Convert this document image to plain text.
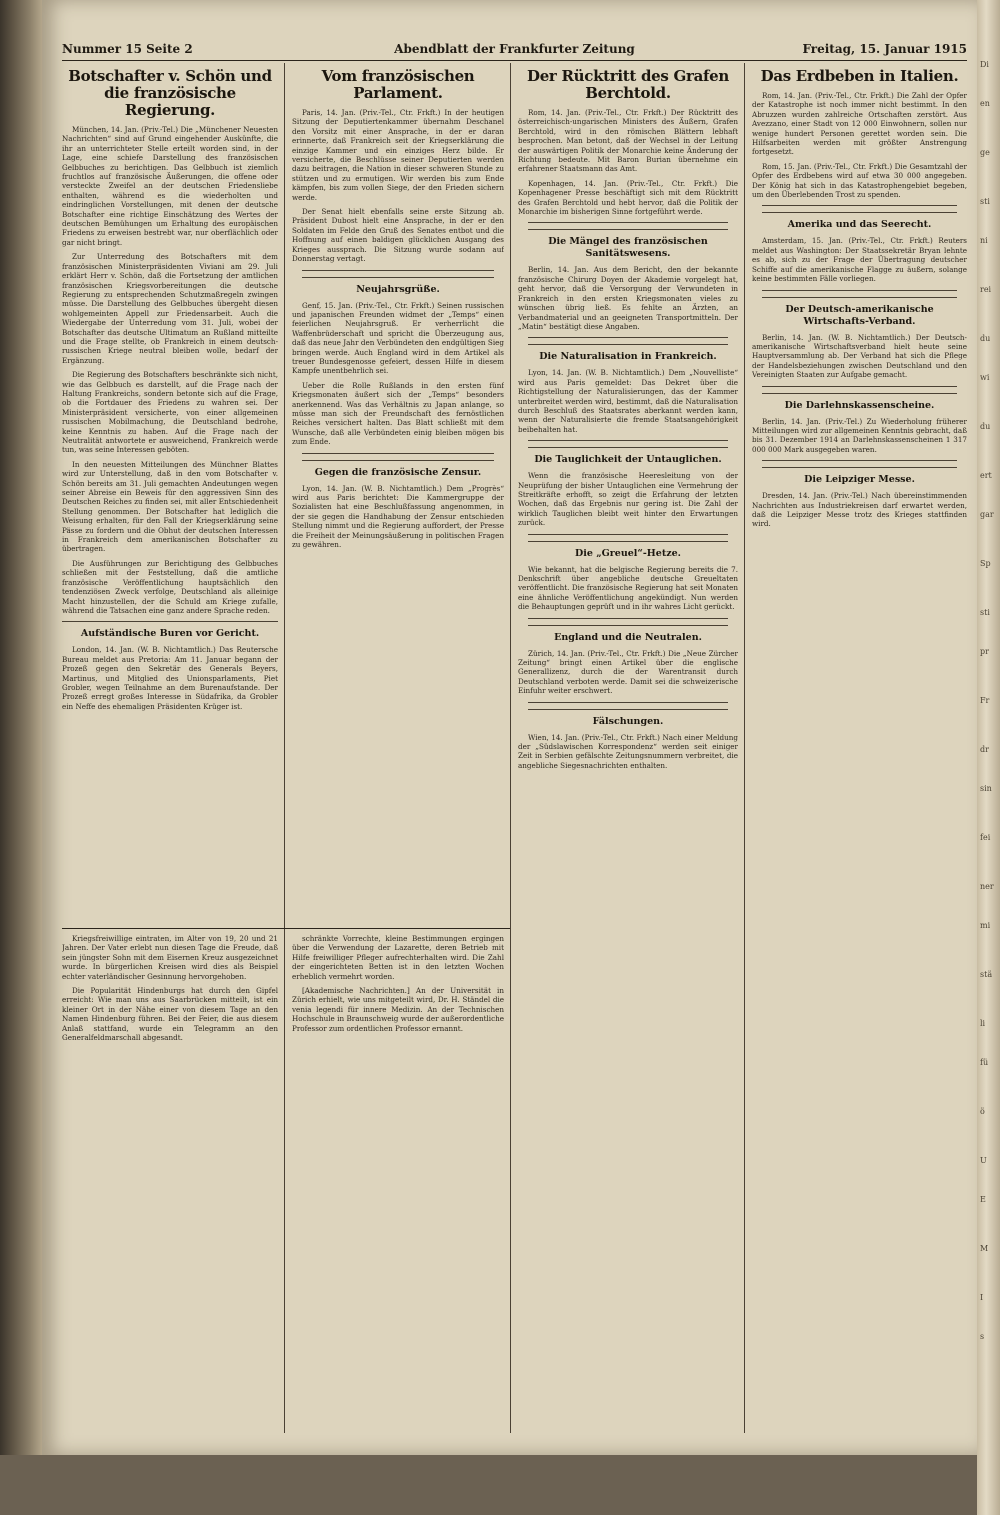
Nummer 15 Seite 2	Abendblatt der Frankfurter Zeitung	Freitag, 15. Januar 1915
Botschafter v. Schön und die französische Regierung.

München, 14. Jan. (Priv.-Tel.) Die „Münchener Neuesten Nachrichten“ sind auf Grund eingehender Auskünfte, die ihr an unterrichteter Stelle erteilt worden sind, in der Lage, eine schiefe Darstellung des französischen Gelbbuches zu berichtigen. Das Gelbbuch ist ziemlich fruchtlos auf französische Äußerungen, die offene oder versteckte Zweifel an der deutschen Friedensliebe enthalten, während es die wiederholten und eindringlichen Vorstellungen, mit denen der deutsche Botschafter eine richtige Einschätzung des Wertes der deutschen Bemühungen um Erhaltung des europäischen Friedens zu erweisen bestrebt war, nur oberflächlich oder gar nicht bringt.

Zur Unterredung des Botschafters mit dem französischen Ministerpräsidenten Viviani am 29. Juli erklärt Herr v. Schön, daß die Fortsetzung der amtlichen französischen Kriegsvorbereitungen die deutsche Regierung zu entsprechenden Schutzmaßregeln zwingen müsse. Die Darstellung des Gelbbuches übergeht diesen wohlgemeinten Appell zur Friedensarbeit. Auch die Wiedergabe der Unterredung vom 31. Juli, wobei der Botschafter das deutsche Ultimatum an Rußland mitteilte und die Frage stellte, ob Frankreich in einem deutsch-russischen Kriege neutral bleiben wolle, bedarf der Ergänzung.

Die Regierung des Botschafters beschränkte sich nicht, wie das Gelbbuch es darstellt, auf die Frage nach der Haltung Frankreichs, sondern betonte sich auf die Frage, ob die Fortdauer des Friedens zu wahren sei. Der Ministerpräsident versicherte, von einer allgemeinen russischen Mobilmachung, die Deutschland bedrohe, keine Kenntnis zu haben. Auf die Frage nach der Neutralität antwortete er ausweichend, Frankreich werde tun, was seine Interessen geböten.

In den neuesten Mitteilungen des Münchner Blattes wird zur Unterstellung, daß in den vom Botschafter v. Schön bereits am 31. Juli gemachten Andeutungen wegen seiner Abreise ein Beweis für den aggressiven Sinn des Deutschen Reiches zu finden sei, mit aller Entschiedenheit Stellung genommen. Der Botschafter hat lediglich die Weisung erhalten, für den Fall der Kriegserklärung seine Pässe zu fordern und die Obhut der deutschen Interessen in Frankreich dem amerikanischen Botschafter zu übertragen.

Die Ausführungen zur Berichtigung des Gelbbuches schließen mit der Feststellung, daß die amtliche französische Veröffentlichung hauptsächlich den tendenziösen Zweck verfolge, Deutschland als alleinige Macht hinzustellen, der die Schuld am Kriege zufalle, während die Tatsachen eine ganz andere Sprache reden.

Aufständische Buren vor Gericht.

London, 14. Jan. (W. B. Nichtamtlich.) Das Reutersche Bureau meldet aus Pretoria: Am 11. Januar begann der Prozeß gegen den Sekretär des Generals Beyers, Martinus, und Mitglied des Unionsparlaments, Piet Grobler, wegen Teilnahme an dem Burenaufstande. Der Prozeß erregt großes Interesse in Südafrika, da Grobler ein Neffe des ehemaligen Präsidenten Krüger ist.

Vom französischen Parlament.

Paris, 14. Jan. (Priv.-Tel., Ctr. Frkft.) In der heutigen Sitzung der Deputiertenkammer übernahm Deschanel den Vorsitz mit einer Ansprache, in der er daran erinnerte, daß Frankreich seit der Kriegserklärung die einzige Kammer und ein einziges Herz bilde. Er versicherte, die Beschlüsse seiner Deputierten werden dazu beitragen, die Nation in dieser schweren Stunde zu stützen und zu ermutigen. Wir werden bis zum Ende kämpfen, bis zum vollen Siege, der den Frieden sichern werde.

Der Senat hielt ebenfalls seine erste Sitzung ab. Präsident Dubost hielt eine Ansprache, in der er den Soldaten im Felde den Gruß des Senates entbot und die Hoffnung auf einen baldigen glücklichen Ausgang des Krieges aussprach. Die Sitzung wurde sodann auf Donnerstag vertagt.

Neujahrsgrüße.

Genf, 15. Jan. (Priv.-Tel., Ctr. Frkft.) Seinen russischen und japanischen Freunden widmet der „Temps“ einen feierlichen Neujahrsgruß. Er verherrlicht die Waffenbrüderschaft und spricht die Überzeugung aus, daß das neue Jahr den Verbündeten den endgültigen Sieg bringen werde. Auch England wird in dem Artikel als treuer Bundesgenosse gefeiert, dessen Hilfe in diesem Kampfe unentbehrlich sei.

Ueber die Rolle Rußlands in den ersten fünf Kriegsmonaten äußert sich der „Temps“ besonders anerkennend. Was das Verhältnis zu Japan anlange, so müsse man sich der Freundschaft des fernöstlichen Reiches versichert halten. Das Blatt schließt mit dem Wunsche, daß alle Verbündeten einig bleiben mögen bis zum Ende.

Gegen die französische Zensur.

Lyon, 14. Jan. (W. B. Nichtamtlich.) Dem „Progrès“ wird aus Paris berichtet: Die Kammergruppe der Sozialisten hat eine Beschlußfassung angenommen, in der sie gegen die Handhabung der Zensur entschieden Stellung nimmt und die Regierung auffordert, der Presse die Freiheit der Meinungsäußerung in politischen Fragen zu gewähren.

Der Rücktritt des Grafen Berchtold.

Rom, 14. Jan. (Priv.-Tel., Ctr. Frkft.) Der Rücktritt des österreichisch-ungarischen Ministers des Äußern, Grafen Berchtold, wird in den römischen Blättern lebhaft besprochen. Man betont, daß der Wechsel in der Leitung der auswärtigen Politik der Monarchie keine Änderung der Richtung bedeute. Mit Baron Burian übernehme ein erfahrener Staatsmann das Amt.

Kopenhagen, 14. Jan. (Priv.-Tel., Ctr. Frkft.) Die Kopenhagener Presse beschäftigt sich mit dem Rücktritt des Grafen Berchtold und hebt hervor, daß die Politik der Monarchie im bisherigen Sinne fortgeführt werde.

Die Mängel des französischen Sanitätswesens.

Berlin, 14. Jan. Aus dem Bericht, den der bekannte französische Chirurg Doyen der Akademie vorgelegt hat, geht hervor, daß die Versorgung der Verwundeten in Frankreich in den ersten Kriegsmonaten vieles zu wünschen übrig ließ. Es fehlte an Ärzten, an Verbandmaterial und an geeigneten Transportmitteln. Der „Matin“ bestätigt diese Angaben.

Die Naturalisation in Frankreich.

Lyon, 14. Jan. (W. B. Nichtamtlich.) Dem „Nouvelliste“ wird aus Paris gemeldet: Das Dekret über die Richtigstellung der Naturalisierungen, das der Kammer unterbreitet werden wird, bestimmt, daß die Naturalisation durch Beschluß des Staatsrates aberkannt werden kann, wenn der Naturalisierte die fremde Staatsangehörigkeit beibehalten hat.

Die Tauglichkeit der Untauglichen.

Wenn die französische Heeresleitung von der Neuprüfung der bisher Untauglichen eine Vermehrung der Streitkräfte erhofft, so zeigt die Erfahrung der letzten Wochen, daß das Ergebnis nur gering ist. Die Zahl der wirklich Tauglichen bleibt weit hinter den Erwartungen zurück.

Die „Greuel“-Hetze.

Wie bekannt, hat die belgische Regierung bereits die 7. Denkschrift über angebliche deutsche Greueltaten veröffentlicht. Die französische Regierung hat seit Monaten eine ähnliche Veröffentlichung angekündigt. Nun werden die Behauptungen geprüft und in ihr wahres Licht gerückt.

England und die Neutralen.

Zürich, 14. Jan. (Priv.-Tel., Ctr. Frkft.) Die „Neue Zürcher Zeitung“ bringt einen Artikel über die englische Generallizenz, durch die der Warentransit durch Deutschland verboten werde. Damit sei die schweizerische Einfuhr weiter erschwert.

Fälschungen.

Wien, 14. Jan. (Priv.-Tel., Ctr. Frkft.) Nach einer Meldung der „Südslawischen Korrespondenz“ werden seit einiger Zeit in Serbien gefälschte Zeitungsnummern verbreitet, die angebliche Siegesnachrichten enthalten.

Das Erdbeben in Italien.

Rom, 14. Jan. (Priv.-Tel., Ctr. Frkft.) Die Zahl der Opfer der Katastrophe ist noch immer nicht bestimmt. In den Abruzzen wurden zahlreiche Ortschaften zerstört. Aus Avezzano, einer Stadt von 12 000 Einwohnern, sollen nur wenige hundert Personen gerettet worden sein. Die Hilfsarbeiten werden mit größter Anstrengung fortgesetzt.

Rom, 15. Jan. (Priv.-Tel., Ctr. Frkft.) Die Gesamtzahl der Opfer des Erdbebens wird auf etwa 30 000 angegeben. Der König hat sich in das Katastrophengebiet begeben, um den Überlebenden Trost zu spenden.

Amerika und das Seerecht.

Amsterdam, 15. Jan. (Priv.-Tel., Ctr. Frkft.) Reuters meldet aus Washington: Der Staatssekretär Bryan lehnte es ab, sich zu der Frage der Übertragung deutscher Schiffe auf die amerikanische Flagge zu äußern, solange keine bestimmten Fälle vorliegen.

Der Deutsch-amerikanische Wirtschafts-Verband.

Berlin, 14. Jan. (W. B. Nichtamtlich.) Der Deutsch-amerikanische Wirtschaftsverband hielt heute seine Hauptversammlung ab. Der Verband hat sich die Pflege der Handelsbeziehungen zwischen Deutschland und den Vereinigten Staaten zur Aufgabe gemacht.

Die Darlehnskassenscheine.

Berlin, 14. Jan. (Priv.-Tel.) Zu Wiederholung früherer Mitteilungen wird zur allgemeinen Kenntnis gebracht, daß bis 31. Dezember 1914 an Darlehnskassenscheinen 1 317 000 000 Mark ausgegeben waren.

Die Leipziger Messe.

Dresden, 14. Jan. (Priv.-Tel.) Nach übereinstimmenden Nachrichten aus Industriekreisen darf erwartet werden, daß die Leipziger Messe trotz des Krieges stattfinden wird.

Kriegsfreiwillige eintraten, im Alter von 19, 20 und 21 Jahren. Der Vater erlebt nun diesen Tage die Freude, daß sein jüngster Sohn mit dem Eisernen Kreuz ausgezeichnet wurde. In bürgerlichen Kreisen wird dies als Beispiel echter vaterländischer Gesinnung hervorgehoben.

Die Popularität Hindenburgs hat durch den Gipfel erreicht: Wie man uns aus Saarbrücken mitteilt, ist ein kleiner Ort in der Nähe einer von diesem Tage an den Namen Hindenburg führen. Bei der Feier, die aus diesem Anlaß stattfand, wurde ein Telegramm an den Generalfeldmarschall abgesandt.

schränkte Vorrechte, kleine Bestimmungen ergingen über die Verwendung der Lazarette, deren Betrieb mit Hilfe freiwilliger Pfleger aufrechterhalten wird. Die Zahl der eingerichteten Betten ist in den letzten Wochen erheblich vermehrt worden.

[Akademische Nachrichten.] An der Universität in Zürich erhielt, wie uns mitgeteilt wird, Dr. H. Ständel die venia legendi für innere Medizin. An der Technischen Hochschule in Braunschweig wurde der außerordentliche Professor zum ordentlichen Professor ernannt.

Di
en
ge
sti
ni
rei
du
wi
du
ert
gar
Sp
sti
pr
Fr
dr
sin
fei
ner
mi
stä
li
fü
ö
U
E
M
I
s
